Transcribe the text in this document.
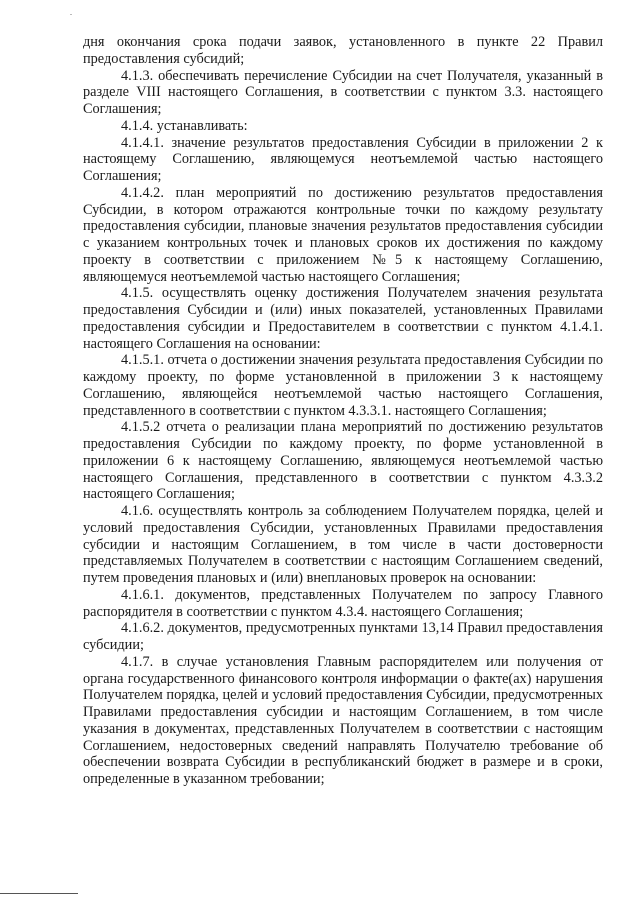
дня окончания срока подачи заявок, установленного в пункте 22 Правил предоставления субсидий;

4.1.3. обеспечивать перечисление Субсидии на счет Получателя, указанный в разделе VIII настоящего Соглашения, в соответствии с пунктом 3.3. настоящего Соглашения;

4.1.4. устанавливать:

4.1.4.1. значение результатов предоставления Субсидии в приложении 2 к настоящему Соглашению, являющемуся неотъемлемой частью настоящего Соглашения;

4.1.4.2. план мероприятий по достижению результатов предоставления Субсидии, в котором отражаются контрольные точки по каждому результату предоставления субсидии, плановые значения результатов предоставления субсидии с указанием контрольных точек и плановых сроков их достижения по каждому проекту в соответствии с приложением №5 к настоящему Соглашению, являющемуся неотъемлемой частью настоящего Соглашения;

4.1.5. осуществлять оценку достижения Получателем значения результата предоставления Субсидии и (или) иных показателей, установленных Правилами предоставления субсидии и Предоставителем в соответствии с пунктом 4.1.4.1. настоящего Соглашения на основании:

4.1.5.1. отчета о достижении значения результата предоставления Субсидии по каждому проекту, по форме установленной в приложении 3 к настоящему Соглашению, являющейся неотъемлемой частью настоящего Соглашения, представленного в соответствии с пунктом 4.3.3.1. настоящего Соглашения;

4.1.5.2 отчета о реализации плана мероприятий по достижению результатов предоставления Субсидии по каждому проекту, по форме установленной в приложении 6 к настоящему Соглашению, являющемуся неотъемлемой частью настоящего Соглашения, представленного в соответствии с пунктом 4.3.3.2 настоящего Соглашения;

4.1.6. осуществлять контроль за соблюдением Получателем порядка, целей и условий предоставления Субсидии, установленных Правилами предоставления субсидии и настоящим Соглашением, в том числе в части достоверности представляемых Получателем в соответствии с настоящим Соглашением сведений, путем проведения плановых и (или) внеплановых проверок на основании:

4.1.6.1. документов, представленных Получателем по запросу Главного распорядителя в соответствии с пунктом 4.3.4. настоящего Соглашения;

4.1.6.2. документов, предусмотренных пунктами 13,14 Правил предоставления субсидии;

4.1.7. в случае установления Главным распорядителем или получения от органа государственного финансового контроля информации о факте(ах) нарушения Получателем порядка, целей и условий предоставления Субсидии, предусмотренных Правилами предоставления субсидии и настоящим Соглашением, в том числе указания в документах, представленных Получателем в соответствии с настоящим Соглашением, недостоверных сведений направлять Получателю требование об обеспечении возврата Субсидии в республиканский бюджет в размере и в сроки, определенные в указанном требовании;
